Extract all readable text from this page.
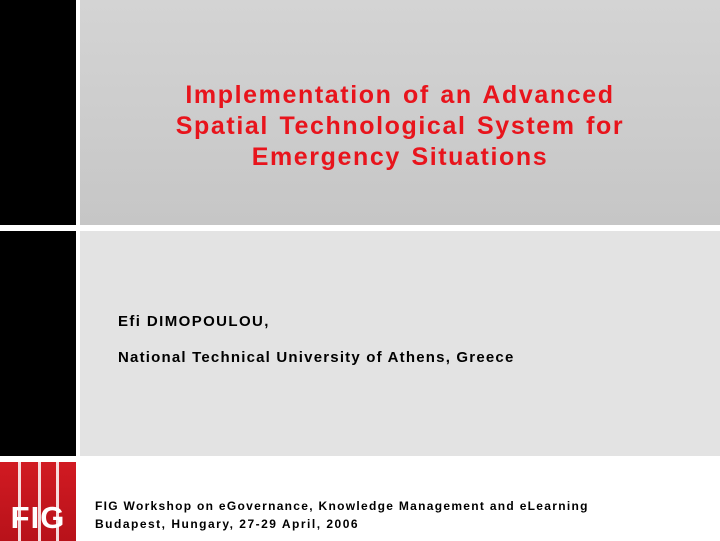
Implementation of an Advanced
Spatial Technological System for
Emergency Situations
Efi DIMOPOULOU,
National Technical University of Athens, Greece
FIG	FIG Workshop on eGovernance, Knowledge Management and eLearning
Budapest, Hungary, 27-29 April, 2006
